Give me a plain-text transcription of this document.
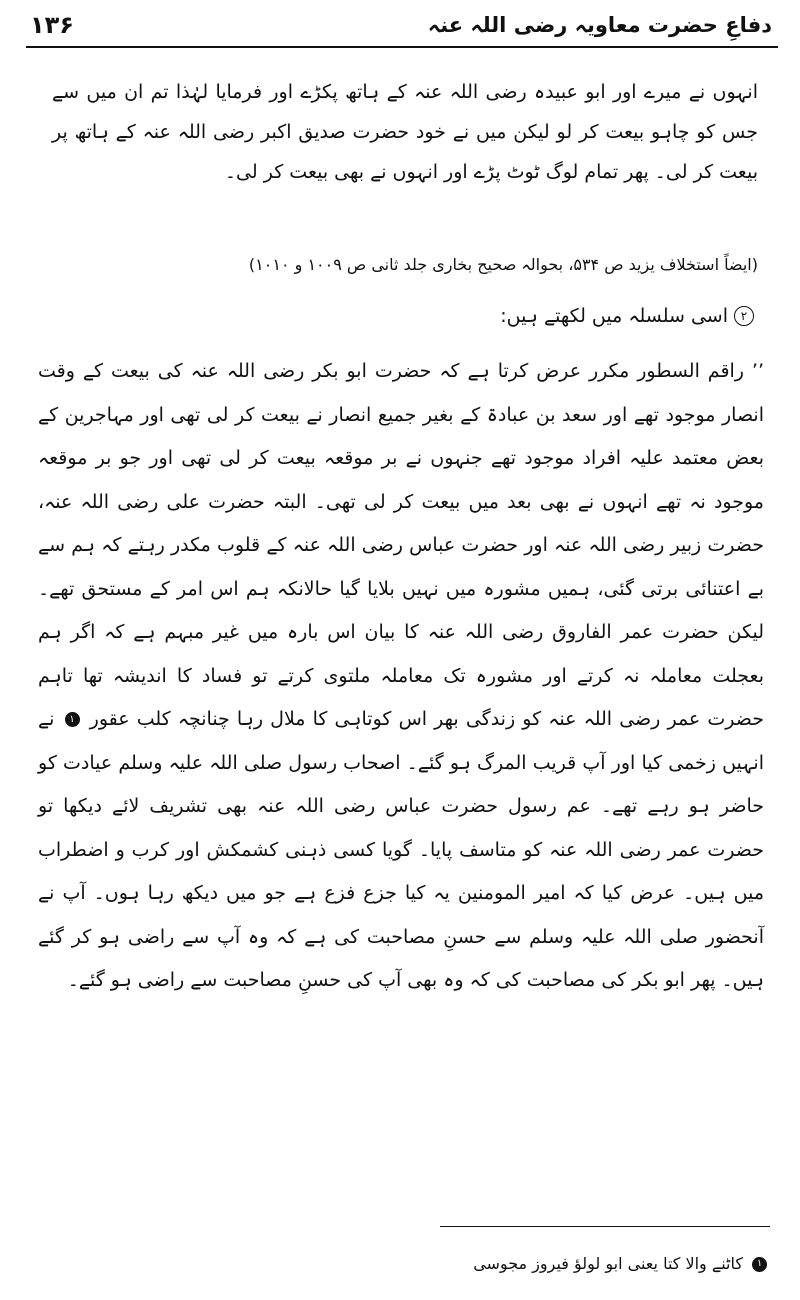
دفاعِ حضرت معاویہ رضی اللہ عنہ
۱۳۶

انہوں نے میرے اور ابو عبیدہ رضی اللہ عنہ کے ہاتھ پکڑے اور فرمایا لہٰذا تم ان میں سے جس کو چاہو بیعت کر لو لیکن میں نے خود حضرت صدیق اکبر رضی اللہ عنہ کے ہاتھ پر بیعت کر لی۔ پھر تمام لوگ ٹوٹ پڑے اور انہوں نے بھی بیعت کر لی۔

(ایضاً استخلاف یزید ص ۵۳۴، بحوالہ صحیح بخاری جلد ثانی ص ۱۰۰۹ و ۱۰۱۰)
۲
اسی سلسلہ میں لکھتے ہیں:

’’ راقم السطور مکرر عرض کرتا ہے کہ حضرت ابو بکر رضی اللہ عنہ کی بیعت کے وقت انصار موجود تھے اور سعد بن عبادۃ کے بغیر جمیع انصار نے بیعت کر لی تھی اور مہاجرین کے بعض معتمد علیہ افراد موجود تھے جنہوں نے بر موقعہ بیعت کر لی تھی اور جو بر موقعہ موجود نہ تھے انہوں نے بھی بعد میں بیعت کر لی تھی۔ البتہ حضرت علی رضی اللہ عنہ، حضرت زبیر رضی اللہ عنہ اور حضرت عباس رضی اللہ عنہ کے قلوب مکدر رہتے کہ ہم سے بے اعتنائی برتی گئی، ہمیں مشورہ میں نہیں بلایا گیا حالانکہ ہم اس امر کے مستحق تھے۔ لیکن حضرت عمر الفاروق رضی اللہ عنہ کا بیان اس بارہ میں غیر مبہم ہے کہ اگر ہم بعجلت معاملہ نہ کرتے اور مشورہ تک معاملہ ملتوی کرتے تو فساد کا اندیشہ تھا تاہم حضرت عمر رضی اللہ عنہ کو زندگی بھر اس کوتاہی کا ملال رہا چنانچہ کلب عقور ۱ نے انہیں زخمی کیا اور آپ قریب المرگ ہو گئے۔ اصحاب رسول صلی اللہ علیہ وسلم عیادت کو حاضر ہو رہے تھے۔ عم رسول حضرت عباس رضی اللہ عنہ بھی تشریف لائے دیکھا تو حضرت عمر رضی اللہ عنہ کو متاسف پایا۔ گویا کسی ذہنی کشمکش اور کرب و اضطراب میں ہیں۔ عرض کیا کہ امیر المومنین یہ کیا جزع فزع ہے جو میں دیکھ رہا ہوں۔ آپ نے آنحضور صلی اللہ علیہ وسلم سے حسنِ مصاحبت کی ہے کہ وہ آپ سے راضی ہو کر گئے ہیں۔ پھر ابو بکر کی مصاحبت کی کہ وہ بھی آپ کی حسنِ مصاحبت سے راضی ہو گئے۔

۱
کاٹنے والا کتا یعنی ابو لولؤ فیروز مجوسی
